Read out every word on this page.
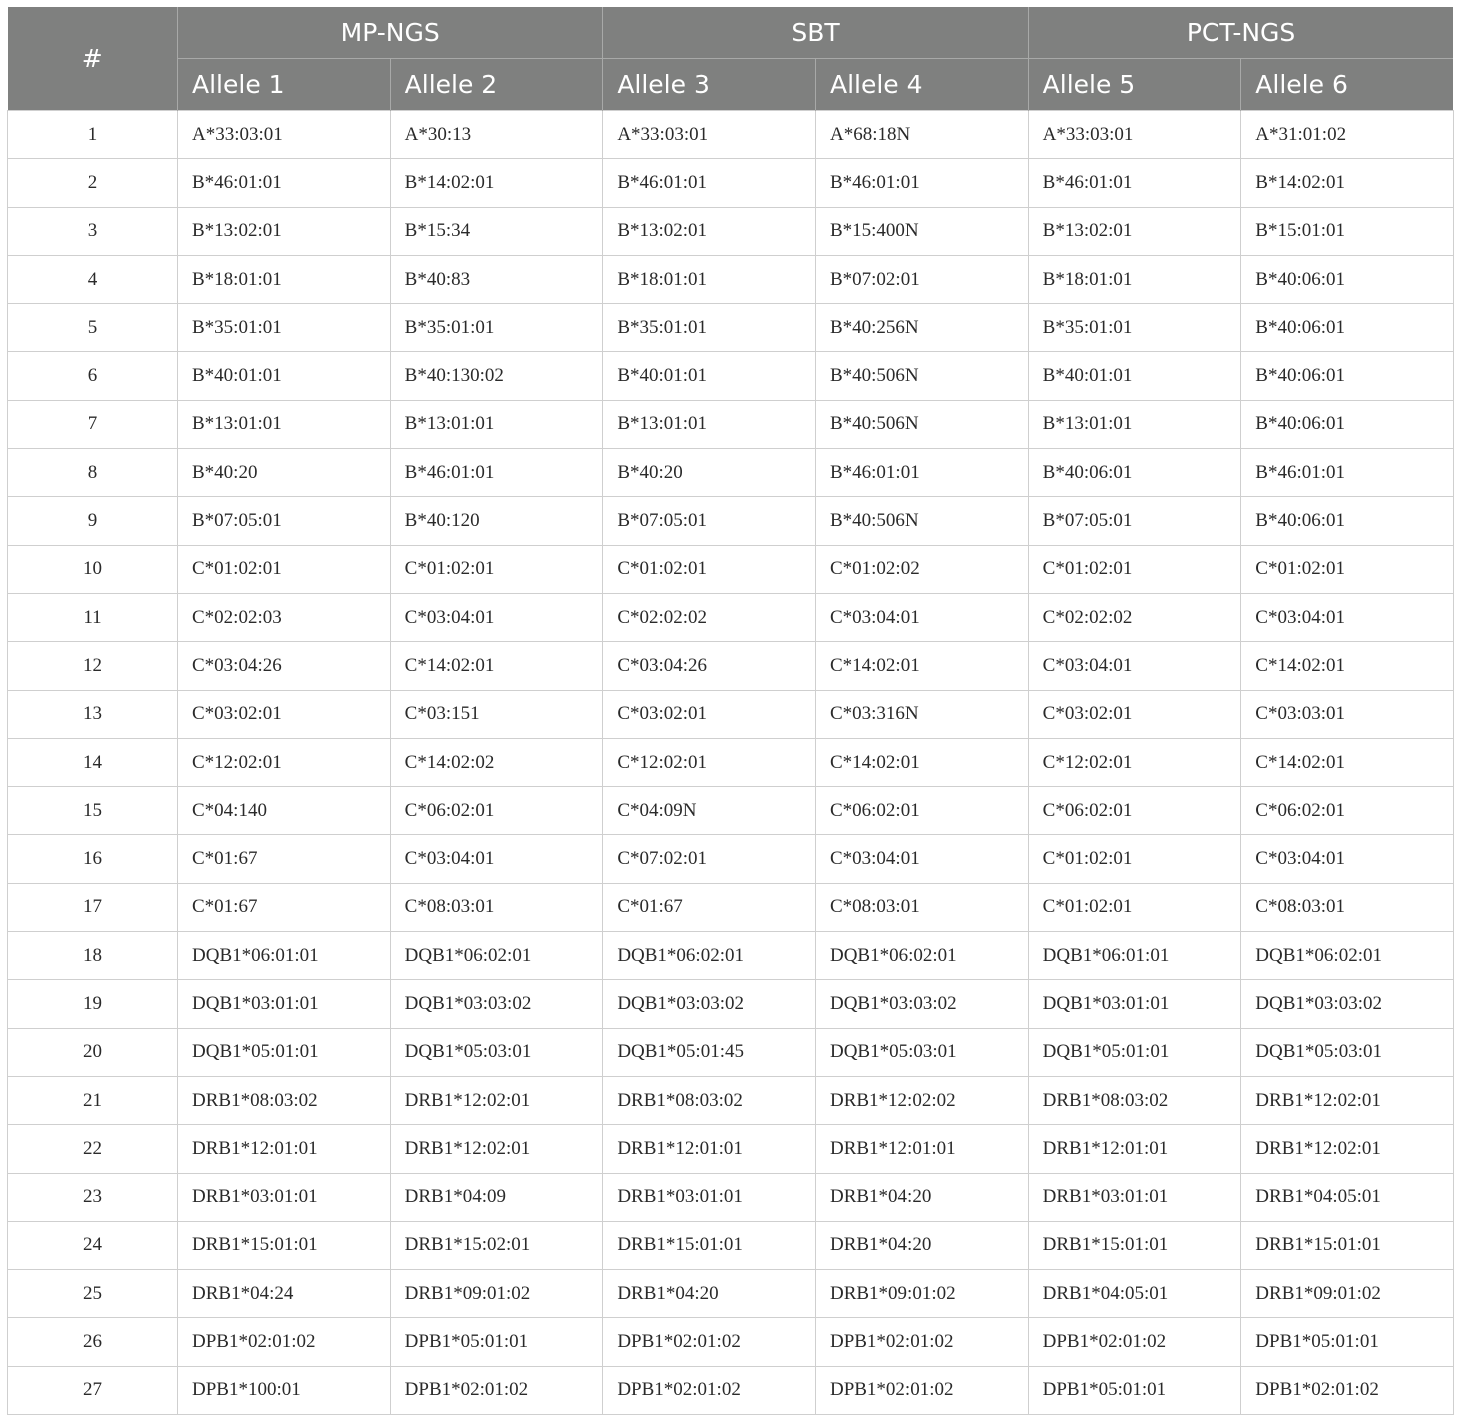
#	MP-NGS		SBT		PCT-NGS	
	Allele 1	Allele 2	Allele 3	Allele 4	Allele 5	Allele 6
1	A*33:03:01	A*30:13	A*33:03:01	A*68:18N	A*33:03:01	A*31:01:02
2	B*46:01:01	B*14:02:01	B*46:01:01	B*46:01:01	B*46:01:01	B*14:02:01
3	B*13:02:01	B*15:34	B*13:02:01	B*15:400N	B*13:02:01	B*15:01:01
4	B*18:01:01	B*40:83	B*18:01:01	B*07:02:01	B*18:01:01	B*40:06:01
5	B*35:01:01	B*35:01:01	B*35:01:01	B*40:256N	B*35:01:01	B*40:06:01
6	B*40:01:01	B*40:130:02	B*40:01:01	B*40:506N	B*40:01:01	B*40:06:01
7	B*13:01:01	B*13:01:01	B*13:01:01	B*40:506N	B*13:01:01	B*40:06:01
8	B*40:20	B*46:01:01	B*40:20	B*46:01:01	B*40:06:01	B*46:01:01
9	B*07:05:01	B*40:120	B*07:05:01	B*40:506N	B*07:05:01	B*40:06:01
10	C*01:02:01	C*01:02:01	C*01:02:01	C*01:02:02	C*01:02:01	C*01:02:01
11	C*02:02:03	C*03:04:01	C*02:02:02	C*03:04:01	C*02:02:02	C*03:04:01
12	C*03:04:26	C*14:02:01	C*03:04:26	C*14:02:01	C*03:04:01	C*14:02:01
13	C*03:02:01	C*03:151	C*03:02:01	C*03:316N	C*03:02:01	C*03:03:01
14	C*12:02:01	C*14:02:02	C*12:02:01	C*14:02:01	C*12:02:01	C*14:02:01
15	C*04:140	C*06:02:01	C*04:09N	C*06:02:01	C*06:02:01	C*06:02:01
16	C*01:67	C*03:04:01	C*07:02:01	C*03:04:01	C*01:02:01	C*03:04:01
17	C*01:67	C*08:03:01	C*01:67	C*08:03:01	C*01:02:01	C*08:03:01
18	DQB1*06:01:01	DQB1*06:02:01	DQB1*06:02:01	DQB1*06:02:01	DQB1*06:01:01	DQB1*06:02:01
19	DQB1*03:01:01	DQB1*03:03:02	DQB1*03:03:02	DQB1*03:03:02	DQB1*03:01:01	DQB1*03:03:02
20	DQB1*05:01:01	DQB1*05:03:01	DQB1*05:01:45	DQB1*05:03:01	DQB1*05:01:01	DQB1*05:03:01
21	DRB1*08:03:02	DRB1*12:02:01	DRB1*08:03:02	DRB1*12:02:02	DRB1*08:03:02	DRB1*12:02:01
22	DRB1*12:01:01	DRB1*12:02:01	DRB1*12:01:01	DRB1*12:01:01	DRB1*12:01:01	DRB1*12:02:01
23	DRB1*03:01:01	DRB1*04:09	DRB1*03:01:01	DRB1*04:20	DRB1*03:01:01	DRB1*04:05:01
24	DRB1*15:01:01	DRB1*15:02:01	DRB1*15:01:01	DRB1*04:20	DRB1*15:01:01	DRB1*15:01:01
25	DRB1*04:24	DRB1*09:01:02	DRB1*04:20	DRB1*09:01:02	DRB1*04:05:01	DRB1*09:01:02
26	DPB1*02:01:02	DPB1*05:01:01	DPB1*02:01:02	DPB1*02:01:02	DPB1*02:01:02	DPB1*05:01:01
27	DPB1*100:01	DPB1*02:01:02	DPB1*02:01:02	DPB1*02:01:02	DPB1*05:01:01	DPB1*02:01:02
